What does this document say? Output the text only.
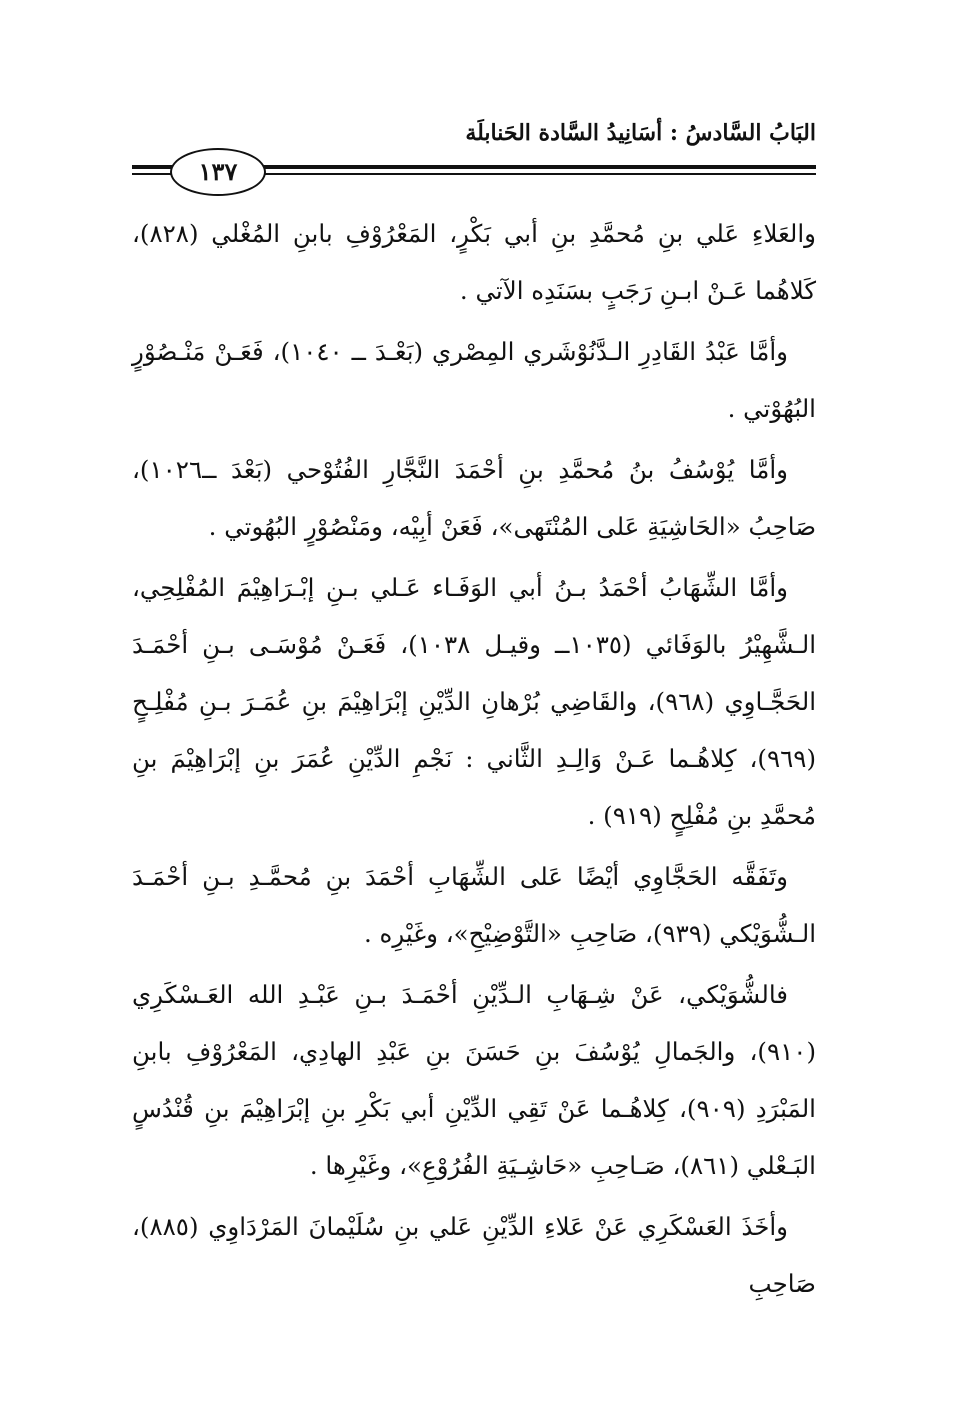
البَابُ السَّادسُ : أسَانِيدُ السَّادة الحَنابلَة
١٣٧

والعَلاءِ عَلي بنِ مُحمَّدِ بنِ أبي بَكْرٍ، المَعْرُوْفِ بابنِ المُغْلي (٨٢٨)، كَلاهُما عَـنْ ابـنِ رَجَبٍ بسَنَدِه الآتي .

وأمَّا عَبْدُ القَادِرِ الـدَّنُوْشَري المِصْري (بَعْـدَ ــ ١٠٤٠)، فَعَـنْ مَنْـصُوْرٍ البُهُوْتي .

وأمَّا يُوْسُفُ بنُ مُحمَّدِ بنِ أحْمَدَ النَّجَّارِ الفُتُوْحي (بَعْدَ ــ١٠٢٦)، صَاحِبُ «الحَاشِيَةِ عَلى المُنْتَهى»، فَعَنْ أبِيْه، ومَنْصُوْرٍ البُهُوتي .

وأمَّا الشِّهَابُ أحْمَدُ بـنُ أبي الوَفَـاء عَـلي بـنِ إبْـرَاهِيْمَ المُفْلِحِي، الـشَّهِيْرُ بالوَفَائي (١٠٣٥ــ وقيـل ١٠٣٨)، فَعَـنْ مُوْسَـى بـنِ أحْمَـدَ الحَجَّـاوِي (٩٦٨)، والقَاضِي بُرْهانِ الدِّيْنِ إبْرَاهِيْمَ بنِ عُمَـرَ بـنِ مُفْلِـحٍ (٩٦٩)، كِلاهُـما عَـنْ وَالِـدِ الثَّاني : نَجْمِ الدِّيْنِ عُمَرَ بنِ إبْرَاهِيْمَ بنِ مُحمَّدِ بنِ مُفْلِحٍ (٩١٩) .

وتَفَقَّه الحَجَّاوِي أيْضًا عَلى الشِّهَابِ أحْمَدَ بنِ مُحمَّـدِ بـنِ أحْمَـدَ الـشُّوَيْكي (٩٣٩)، صَاحِبِ «التَّوْضِيْحِ»، وغَيْرِه .

فالشُّوَيْكي، عَنْ شِـهَابِ الـدِّيْنِ أحْمَـدَ بـنِ عَبْـدِ الله العَـسْكَرِي (٩١٠)، والجَمالِ يُوْسُفَ بنِ حَسَنَ بنِ عَبْدِ الهادِي، المَعْرُوْفِ بابنِ المَبْرَدِ (٩٠٩)، كِلاهُـما عَنْ تَقِي الدِّيْنِ أبي بَكْرِ بنِ إبْرَاهِيْمَ بنِ قُنْدُسٍ البَـعْلي (٨٦١)، صَـاحِبِ «حَاشِـيَةِ الفُرُوْعِ»، وغَيْرِها .

وأخَذَ العَسْكَرِي عَنْ عَلاءِ الدِّيْنِ عَلي بنِ سُلَيْمانَ المَرْدَاوِي (٨٨٥)، صَاحِبِ
